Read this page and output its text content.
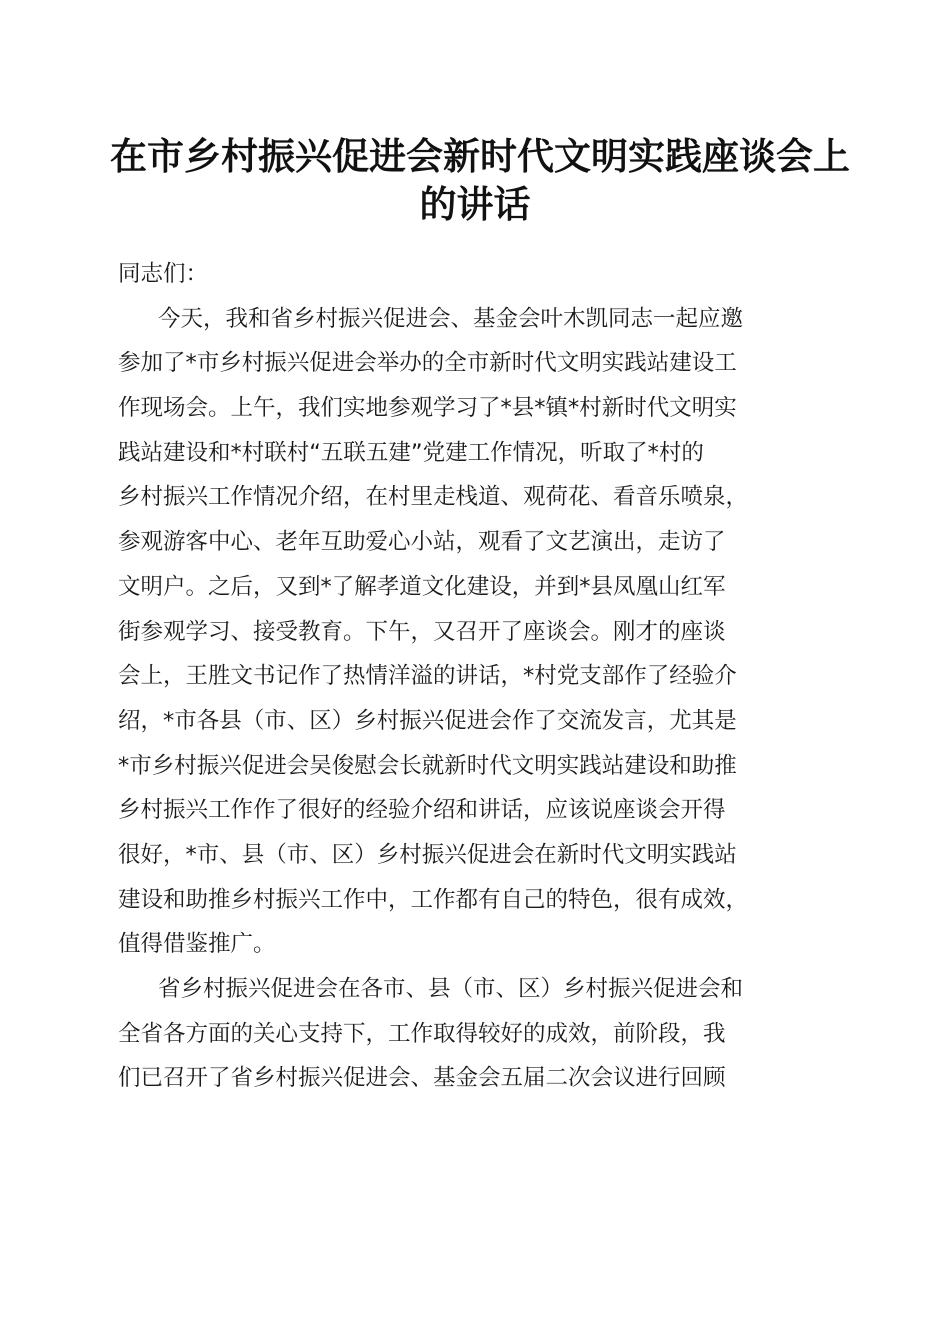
在市乡村振兴促进会新时代文明实践座谈会上
的讲话
同志们：
今天，我和省乡村振兴促进会、基金会叶木凯同志一起应邀
参加了*市乡村振兴促进会举办的全市新时代文明实践站建设工
作现场会。上午，我们实地参观学习了*县*镇*村新时代文明实
践站建设和*村联村“五联五建”党建工作情况，听取了*村的
乡村振兴工作情况介绍，在村里走栈道、观荷花、看音乐喷泉，
参观游客中心、老年互助爱心小站，观看了文艺演出，走访了
文明户。之后，又到*了解孝道文化建设，并到*县凤凰山红军
街参观学习、接受教育。下午，又召开了座谈会。刚才的座谈
会上，王胜文书记作了热情洋溢的讲话，*村党支部作了经验介
绍，*市各县（市、区）乡村振兴促进会作了交流发言，尤其是
*市乡村振兴促进会吴俊慰会长就新时代文明实践站建设和助推
乡村振兴工作作了很好的经验介绍和讲话，应该说座谈会开得
很好，*市、县（市、区）乡村振兴促进会在新时代文明实践站
建设和助推乡村振兴工作中，工作都有自己的特色，很有成效，
值得借鉴推广。
省乡村振兴促进会在各市、县（市、区）乡村振兴促进会和
全省各方面的关心支持下，工作取得较好的成效，前阶段，我
们已召开了省乡村振兴促进会、基金会五届二次会议进行回顾
